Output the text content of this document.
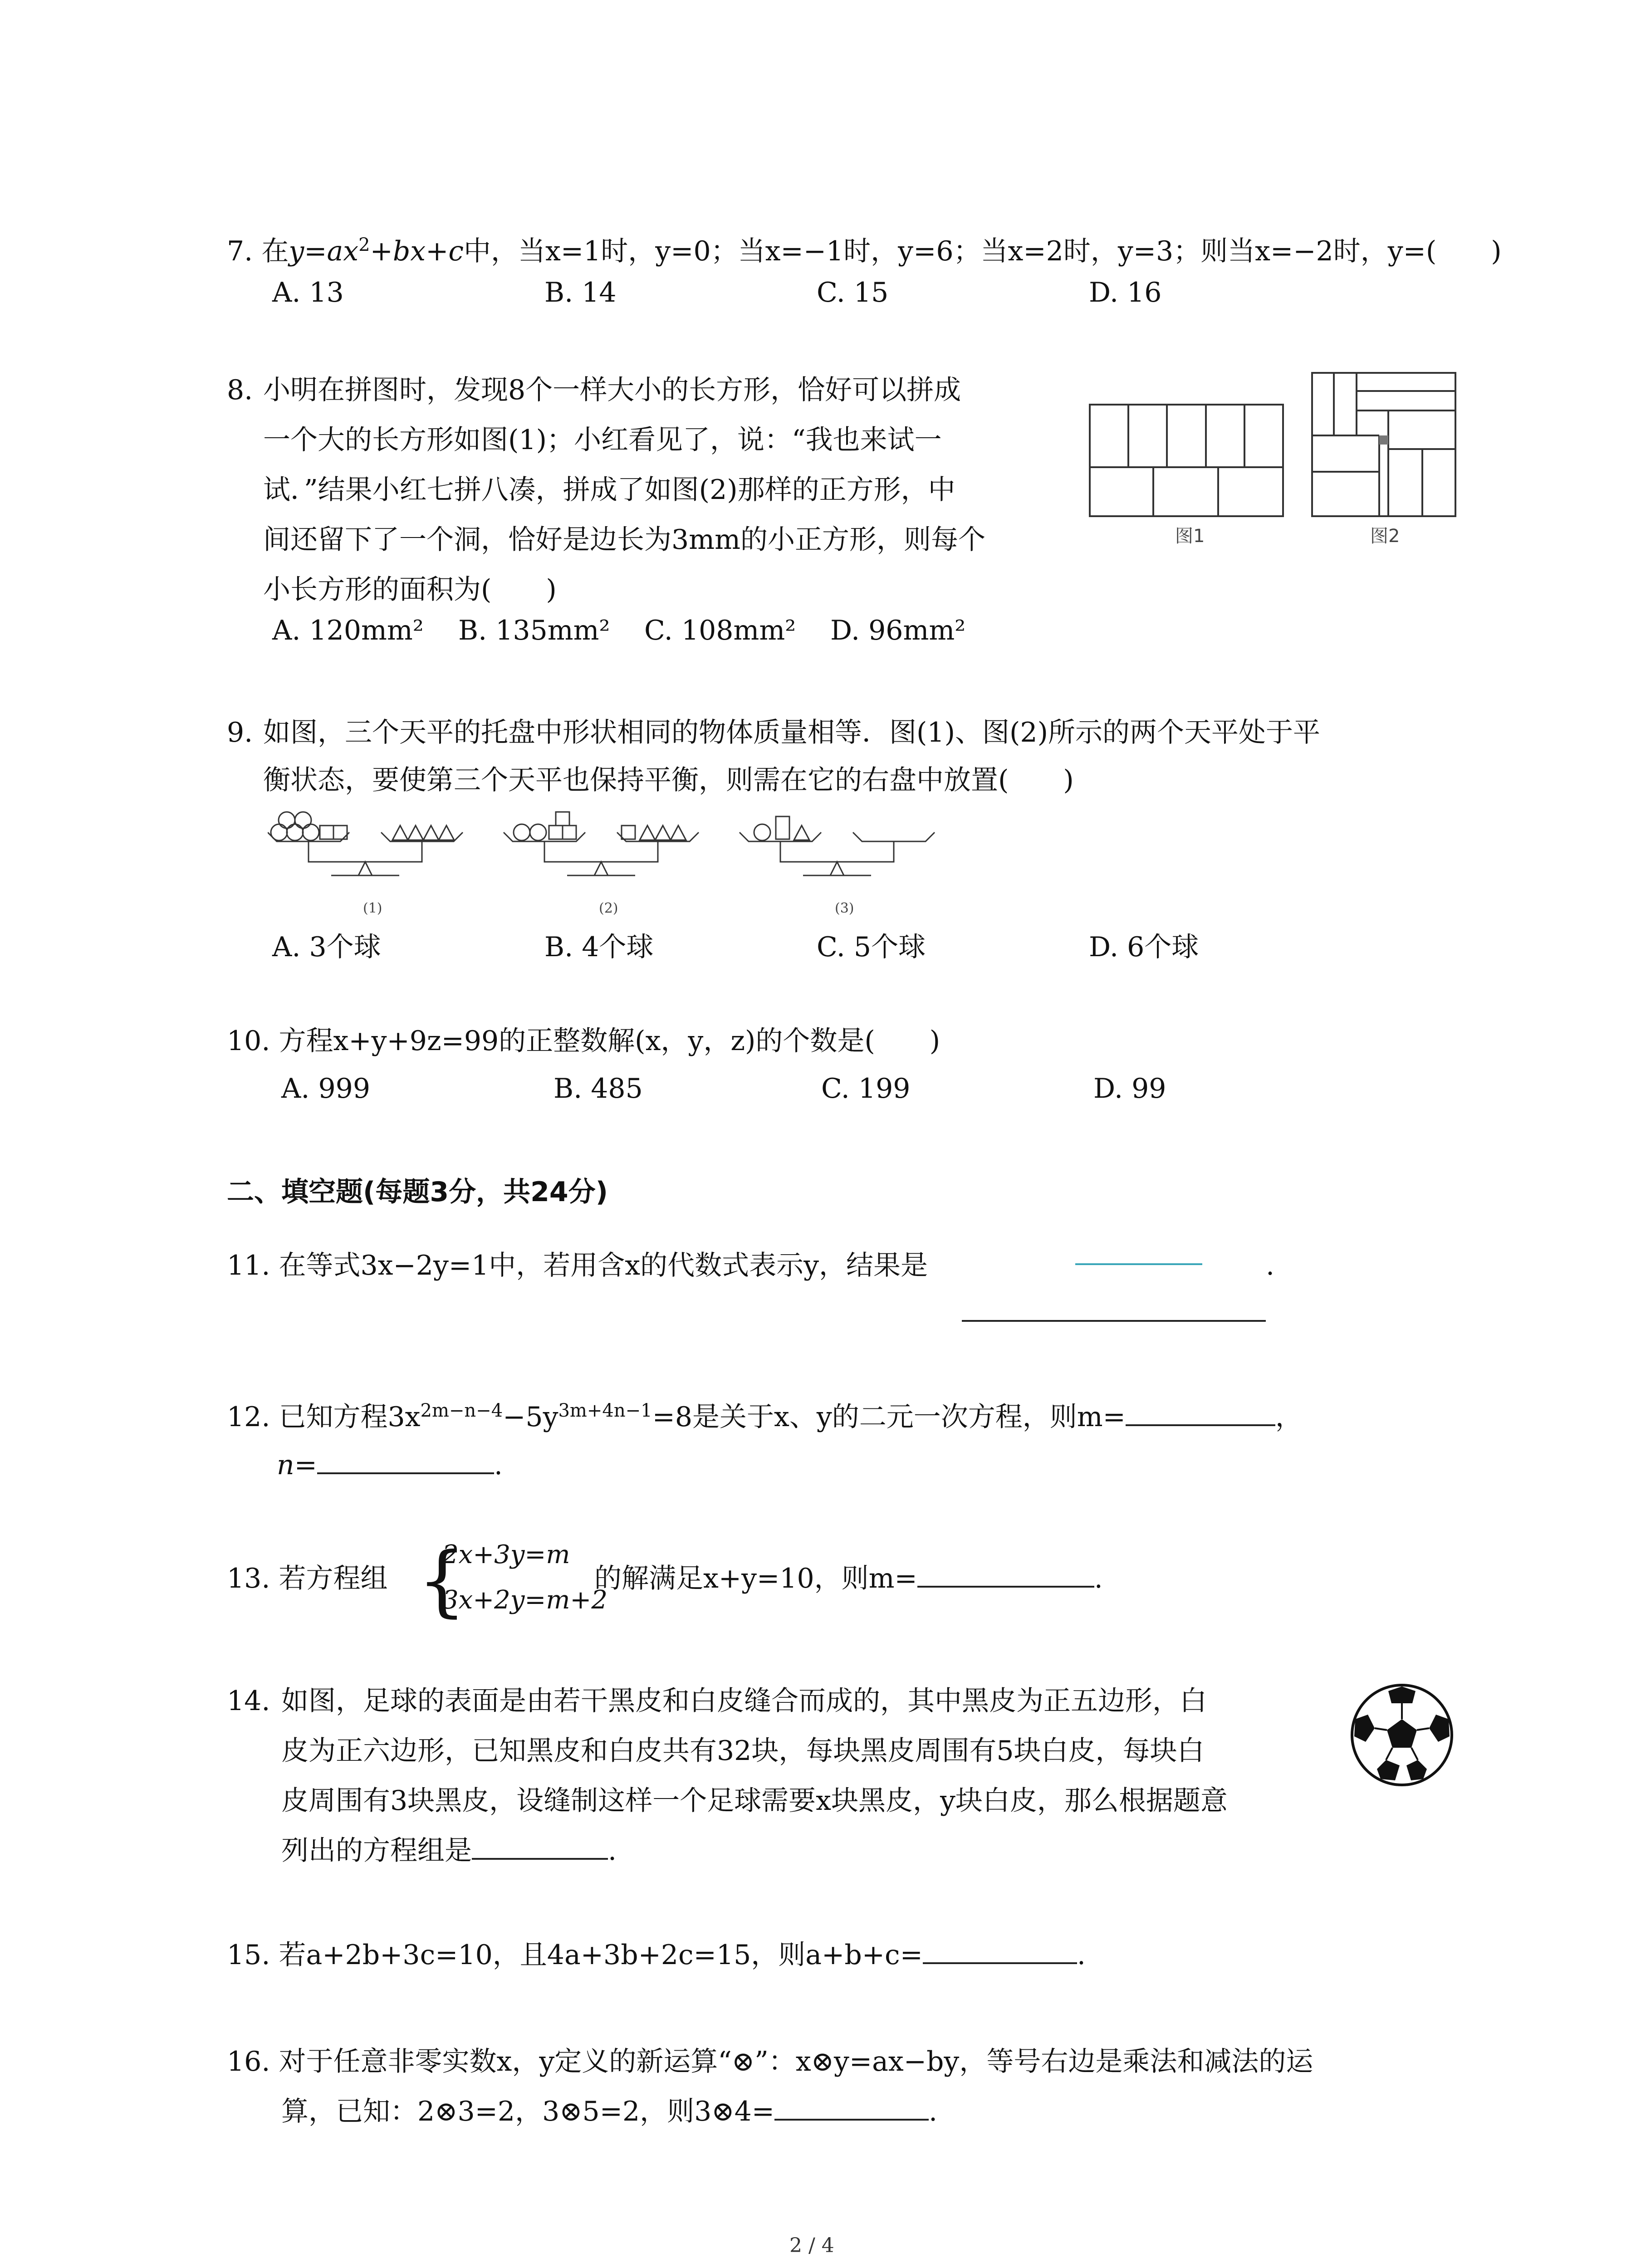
7. 在$y=ax^2+bx+c$中，当x=1时，y=0；当x=−1时，y=6；当x=2时，y=3；则当x=−2时，y=(　　)
A. 13	B. 14	C. 15	D. 16
8. 小明在拼图时，发现8个一样大小的长方形，恰好可以拼成
一个大的长方形如图(1)；小红看见了，说：“我也来试一
试．”结果小红七拼八凑，拼成了如图(2)那样的正方形，中
间还留下了一个洞，恰好是边长为3mm的小正方形，则每个
小长方形的面积为(　　)
A. 120mm² B. 135mm² C. 108mm² D. 96mm²
图1	图2
9. 如图，三个天平的托盘中形状相同的物体质量相等．图(1)、图(2)所示的两个天平处于平
衡状态，要使第三个天平也保持平衡，则需在它的右盘中放置(　　)
(1)	(2)	(3)
A. 3个球	B. 4个球	C. 5个球	D. 6个球
10. 方程x+y+9z=99的正整数解(x，y，z)的个数是(　　)
A. 999	B. 485	C. 199	D. 99
二、填空题(每题3分，共24分)
11. 在等式3x−2y=1中，若用含x的代数式表示y，结果是	.
12. 已知方程$3x^{2m-n-4}-5y^{3m+4n-1}=8$是关于x、y的二元一次方程，则m=	，
n=	.
13. 若方程组 {
2x+3y=m
3x+2y=m+2
的解满足x+y=10，则m=	.
14. 如图，足球的表面是由若干黑皮和白皮缝合而成的，其中黑皮为正五边形，白
皮为正六边形，已知黑皮和白皮共有32块，每块黑皮周围有5块白皮，每块白
皮周围有3块黑皮，设缝制这样一个足球需要x块黑皮，y块白皮，那么根据题意
列出的方程组是	.
15. 若a+2b+3c=10，且4a+3b+2c=15，则a+b+c=	.
16. 对于任意非零实数x，y定义的新运算“⊗”：x⊗y=ax−by，等号右边是乘法和减法的运
算，已知：2⊗3=2，3⊗5=2，则3⊗4=	.
2 / 4
